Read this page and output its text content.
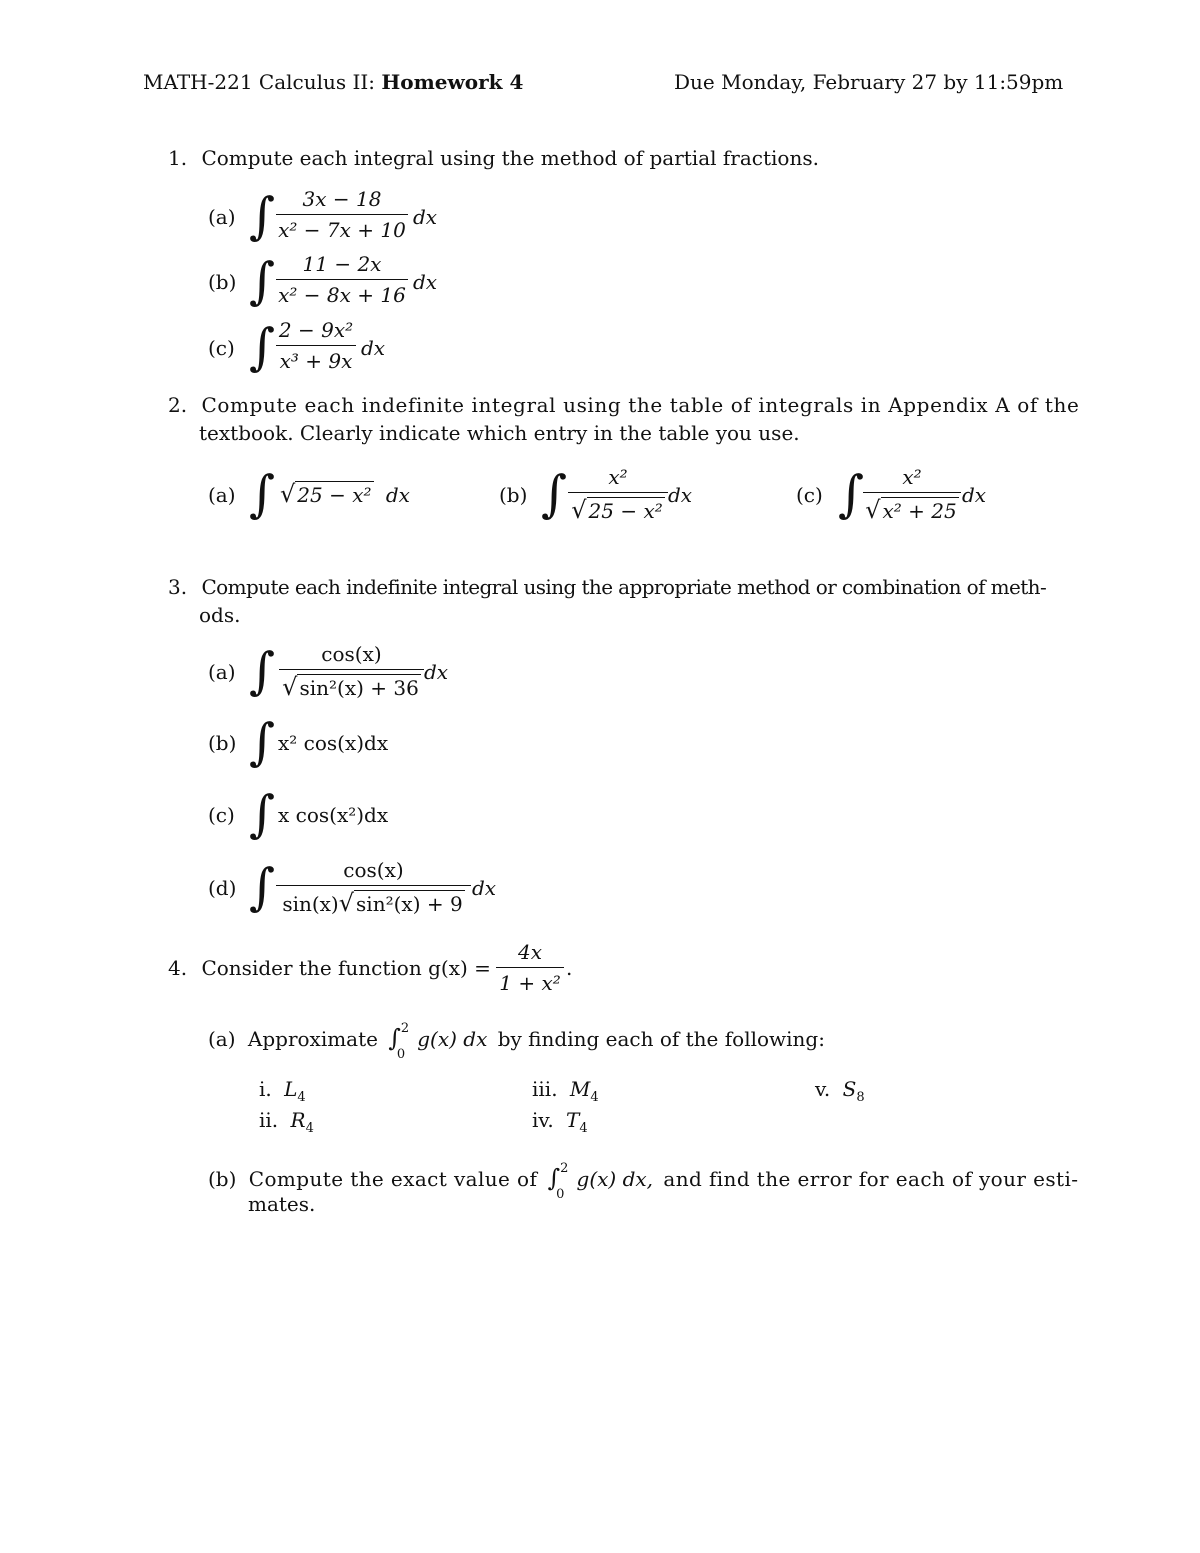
MATH-221 Calculus II: Homework 4	Due Monday, February 27 by 11:59pm
1. Compute each integral using the method of partial fractions.
(a) ∫	3x − 18
x² − 7x + 10
dx
(b) ∫	11 − 2x
x² − 8x + 16
dx
(c) ∫ 2 − 9x²
x³ + 9x
dx
2. Compute each indefinite integral using the table of integrals in Appendix A of the
textbook. Clearly indicate which entry in the table you use.
(a) ∫ √ 25 − x² dx	(b) ∫	x²
√ 25 − x²
dx	(c) ∫	x²
√ x² + 25
dx
3. Compute each indefinite integral using the appropriate method or combination of meth-
ods.
(a) ∫	cos(x)
√ sin²(x) + 36
dx
(b) ∫ x² cos(x)dx
(c) ∫ x cos(x²)dx
(d) ∫	cos(x)
sin(x)√ sin²(x) + 9
dx
4. Consider the function g(x) =
4x
1 + x²
.
(a) Approximate ∫ 2
0
g(x) dx by finding each of the following:
i. $L_4$
ii. $R_4$
iii. $M_4$
iv. $T_4$
v. $S_8$
(b) Compute the exact value of ∫ 2
0
g(x) dx, and find the error for each of your esti-
mates.
